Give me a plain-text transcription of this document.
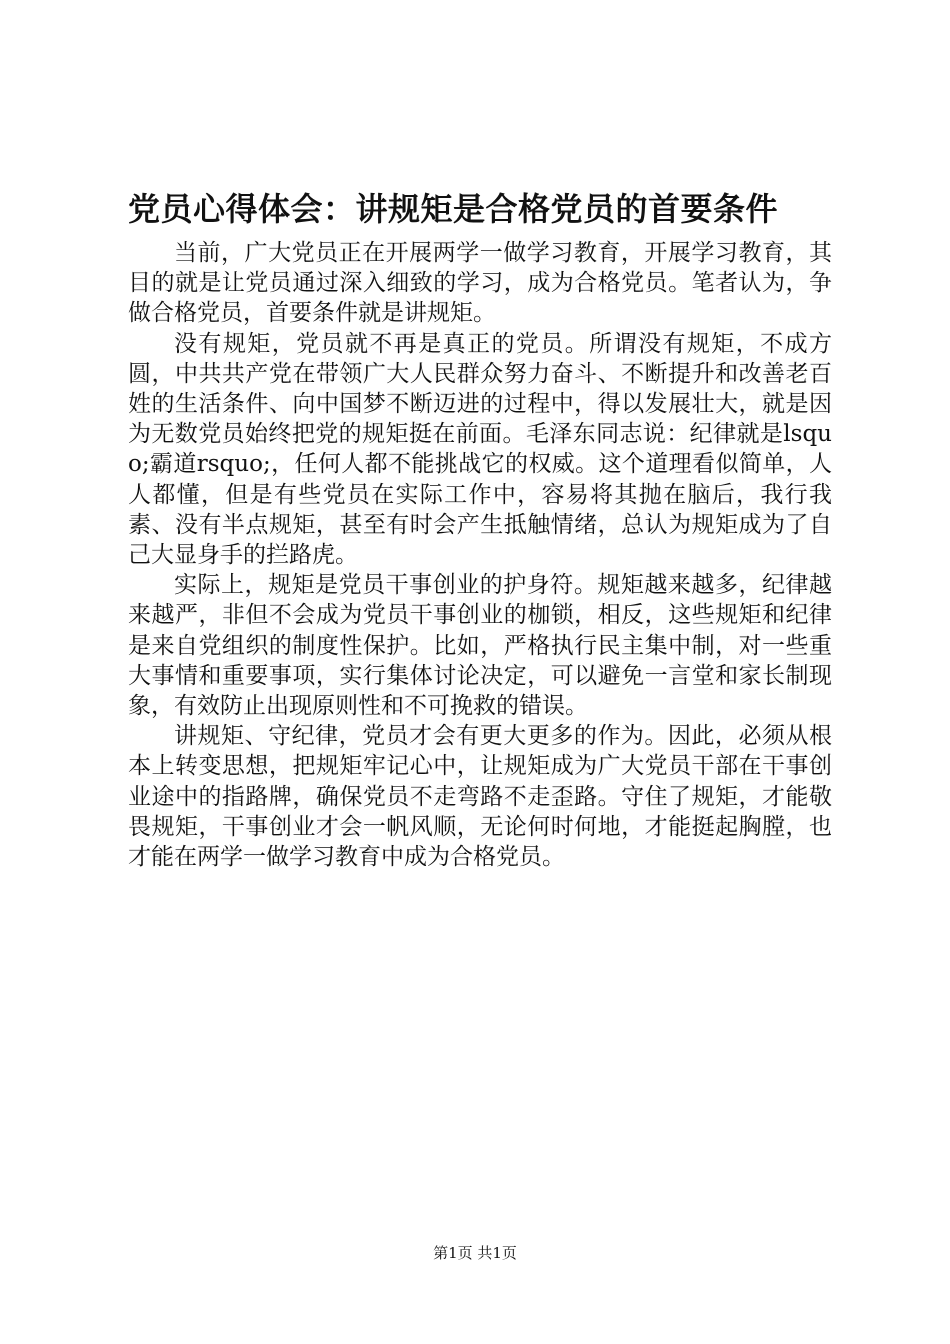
党员心得体会：讲规矩是合格党员的首要条件

当前，广大党员正在开展两学一做学习教育，开展学习教育，其目的就是让党员通过深入细致的学习，成为合格党员。笔者认为，争做合格党员，首要条件就是讲规矩。

没有规矩，党员就不再是真正的党员。所谓没有规矩，不成方圆，中共共产党在带领广大人民群众努力奋斗、不断提升和改善老百姓的生活条件、向中国梦不断迈进的过程中，得以发展壮大，就是因为无数党员始终把党的规矩挺在前面。毛泽东同志说：纪律就是lsquo;霸道rsquo;，任何人都不能挑战它的权威。这个道理看似简单，人人都懂，但是有些党员在实际工作中，容易将其抛在脑后，我行我素、没有半点规矩，甚至有时会产生抵触情绪，总认为规矩成为了自己大显身手的拦路虎。

实际上，规矩是党员干事创业的护身符。规矩越来越多，纪律越来越严，非但不会成为党员干事创业的枷锁，相反，这些规矩和纪律是来自党组织的制度性保护。比如，严格执行民主集中制，对一些重大事情和重要事项，实行集体讨论决定，可以避免一言堂和家长制现象，有效防止出现原则性和不可挽救的错误。

讲规矩、守纪律，党员才会有更大更多的作为。因此，必须从根本上转变思想，把规矩牢记心中，让规矩成为广大党员干部在干事创业途中的指路牌，确保党员不走弯路不走歪路。守住了规矩，才能敬畏规矩，干事创业才会一帆风顺，无论何时何地，才能挺起胸膛，也才能在两学一做学习教育中成为合格党员。

第1页 共1页
